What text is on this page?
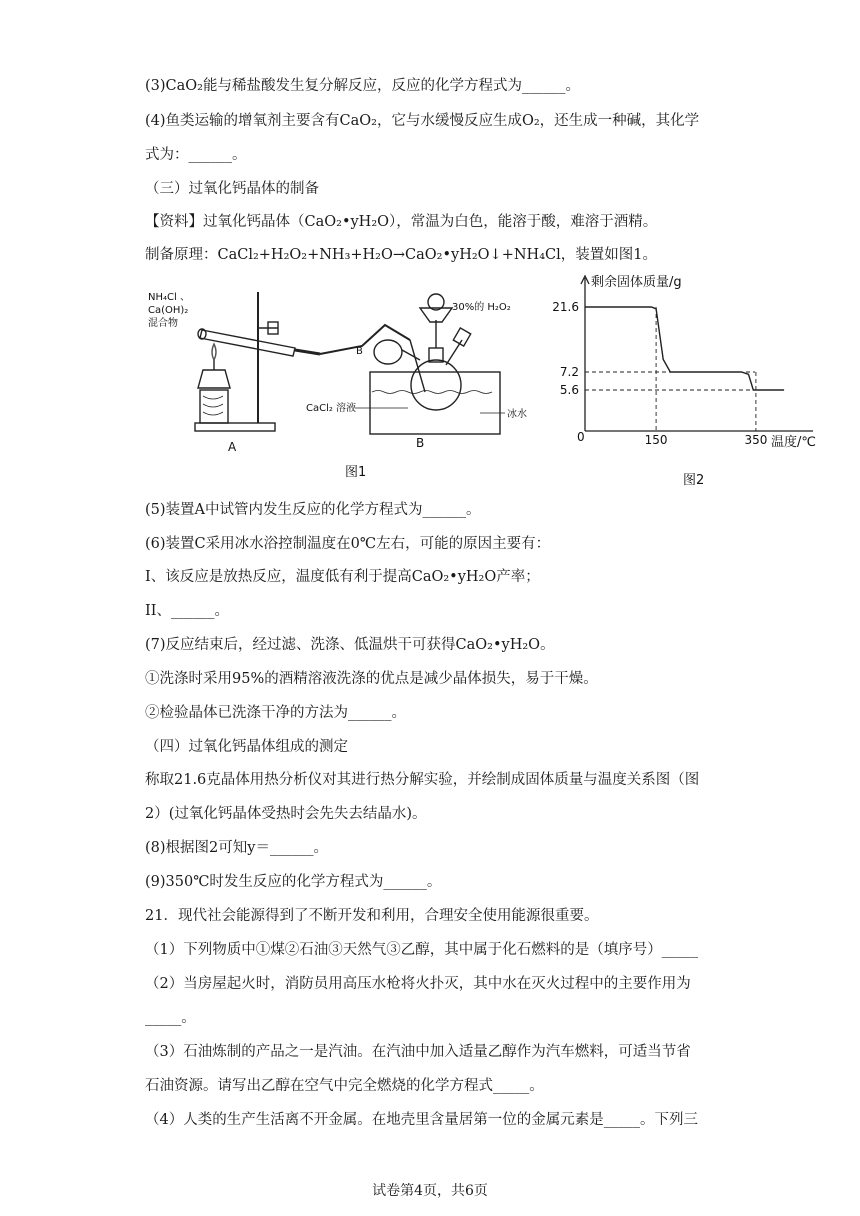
(3)CaO₂能与稀盐酸发生复分解反应，反应的化学方程式为______。
(4)鱼类运输的增氧剂主要含有CaO₂，它与水缓慢反应生成O₂，还生成一种碱，其化学
式为：______。
（三）过氧化钙晶体的制备
【资料】过氧化钙晶体（CaO₂•yH₂O），常温为白色，能溶于酸，难溶于酒精。
制备原理：CaCl₂+H₂O₂+NH₃+H₂O→CaO₂•yH₂O↓+NH₄Cl，装置如图1。
NH₄Cl 、
Ca(OH)₂
混合物
30%的 H₂O₂
B
CaCl₂ 溶液
冰水
A	B
图1
剩余固体质量/g
温度/℃
0
图2
21.6
7.2
5.6
150	350
(5)装置A中试管内发生反应的化学方程式为______。
(6)装置C采用冰水浴控制温度在0℃左右，可能的原因主要有：
I、该反应是放热反应，温度低有利于提高CaO₂•yH₂O产率；
II、______。
(7)反应结束后，经过滤、洗涤、低温烘干可获得CaO₂•yH₂O。
①洗涤时采用95%的酒精溶液洗涤的优点是减少晶体损失，易于干燥。
②检验晶体已洗涤干净的方法为______。
（四）过氧化钙晶体组成的测定
称取21.6克晶体用热分析仪对其进行热分解实验，并绘制成固体质量与温度关系图（图
2）(过氧化钙晶体受热时会先失去结晶水)。
(8)根据图2可知y＝______。
(9)350℃时发生反应的化学方程式为______。
21．现代社会能源得到了不断开发和利用，合理安全使用能源很重要。
（1）下列物质中①煤②石油③天然气③乙醇，其中属于化石燃料的是（填序号）_____
（2）当房屋起火时，消防员用高压水枪将火扑灭，其中水在灭火过程中的主要作用为
_____。
（3）石油炼制的产品之一是汽油。在汽油中加入适量乙醇作为汽车燃料，可适当节省
石油资源。请写出乙醇在空气中完全燃烧的化学方程式_____。
（4）人类的生产生活离不开金属。在地壳里含量居第一位的金属元素是_____。下列三
试卷第4页，共6页
